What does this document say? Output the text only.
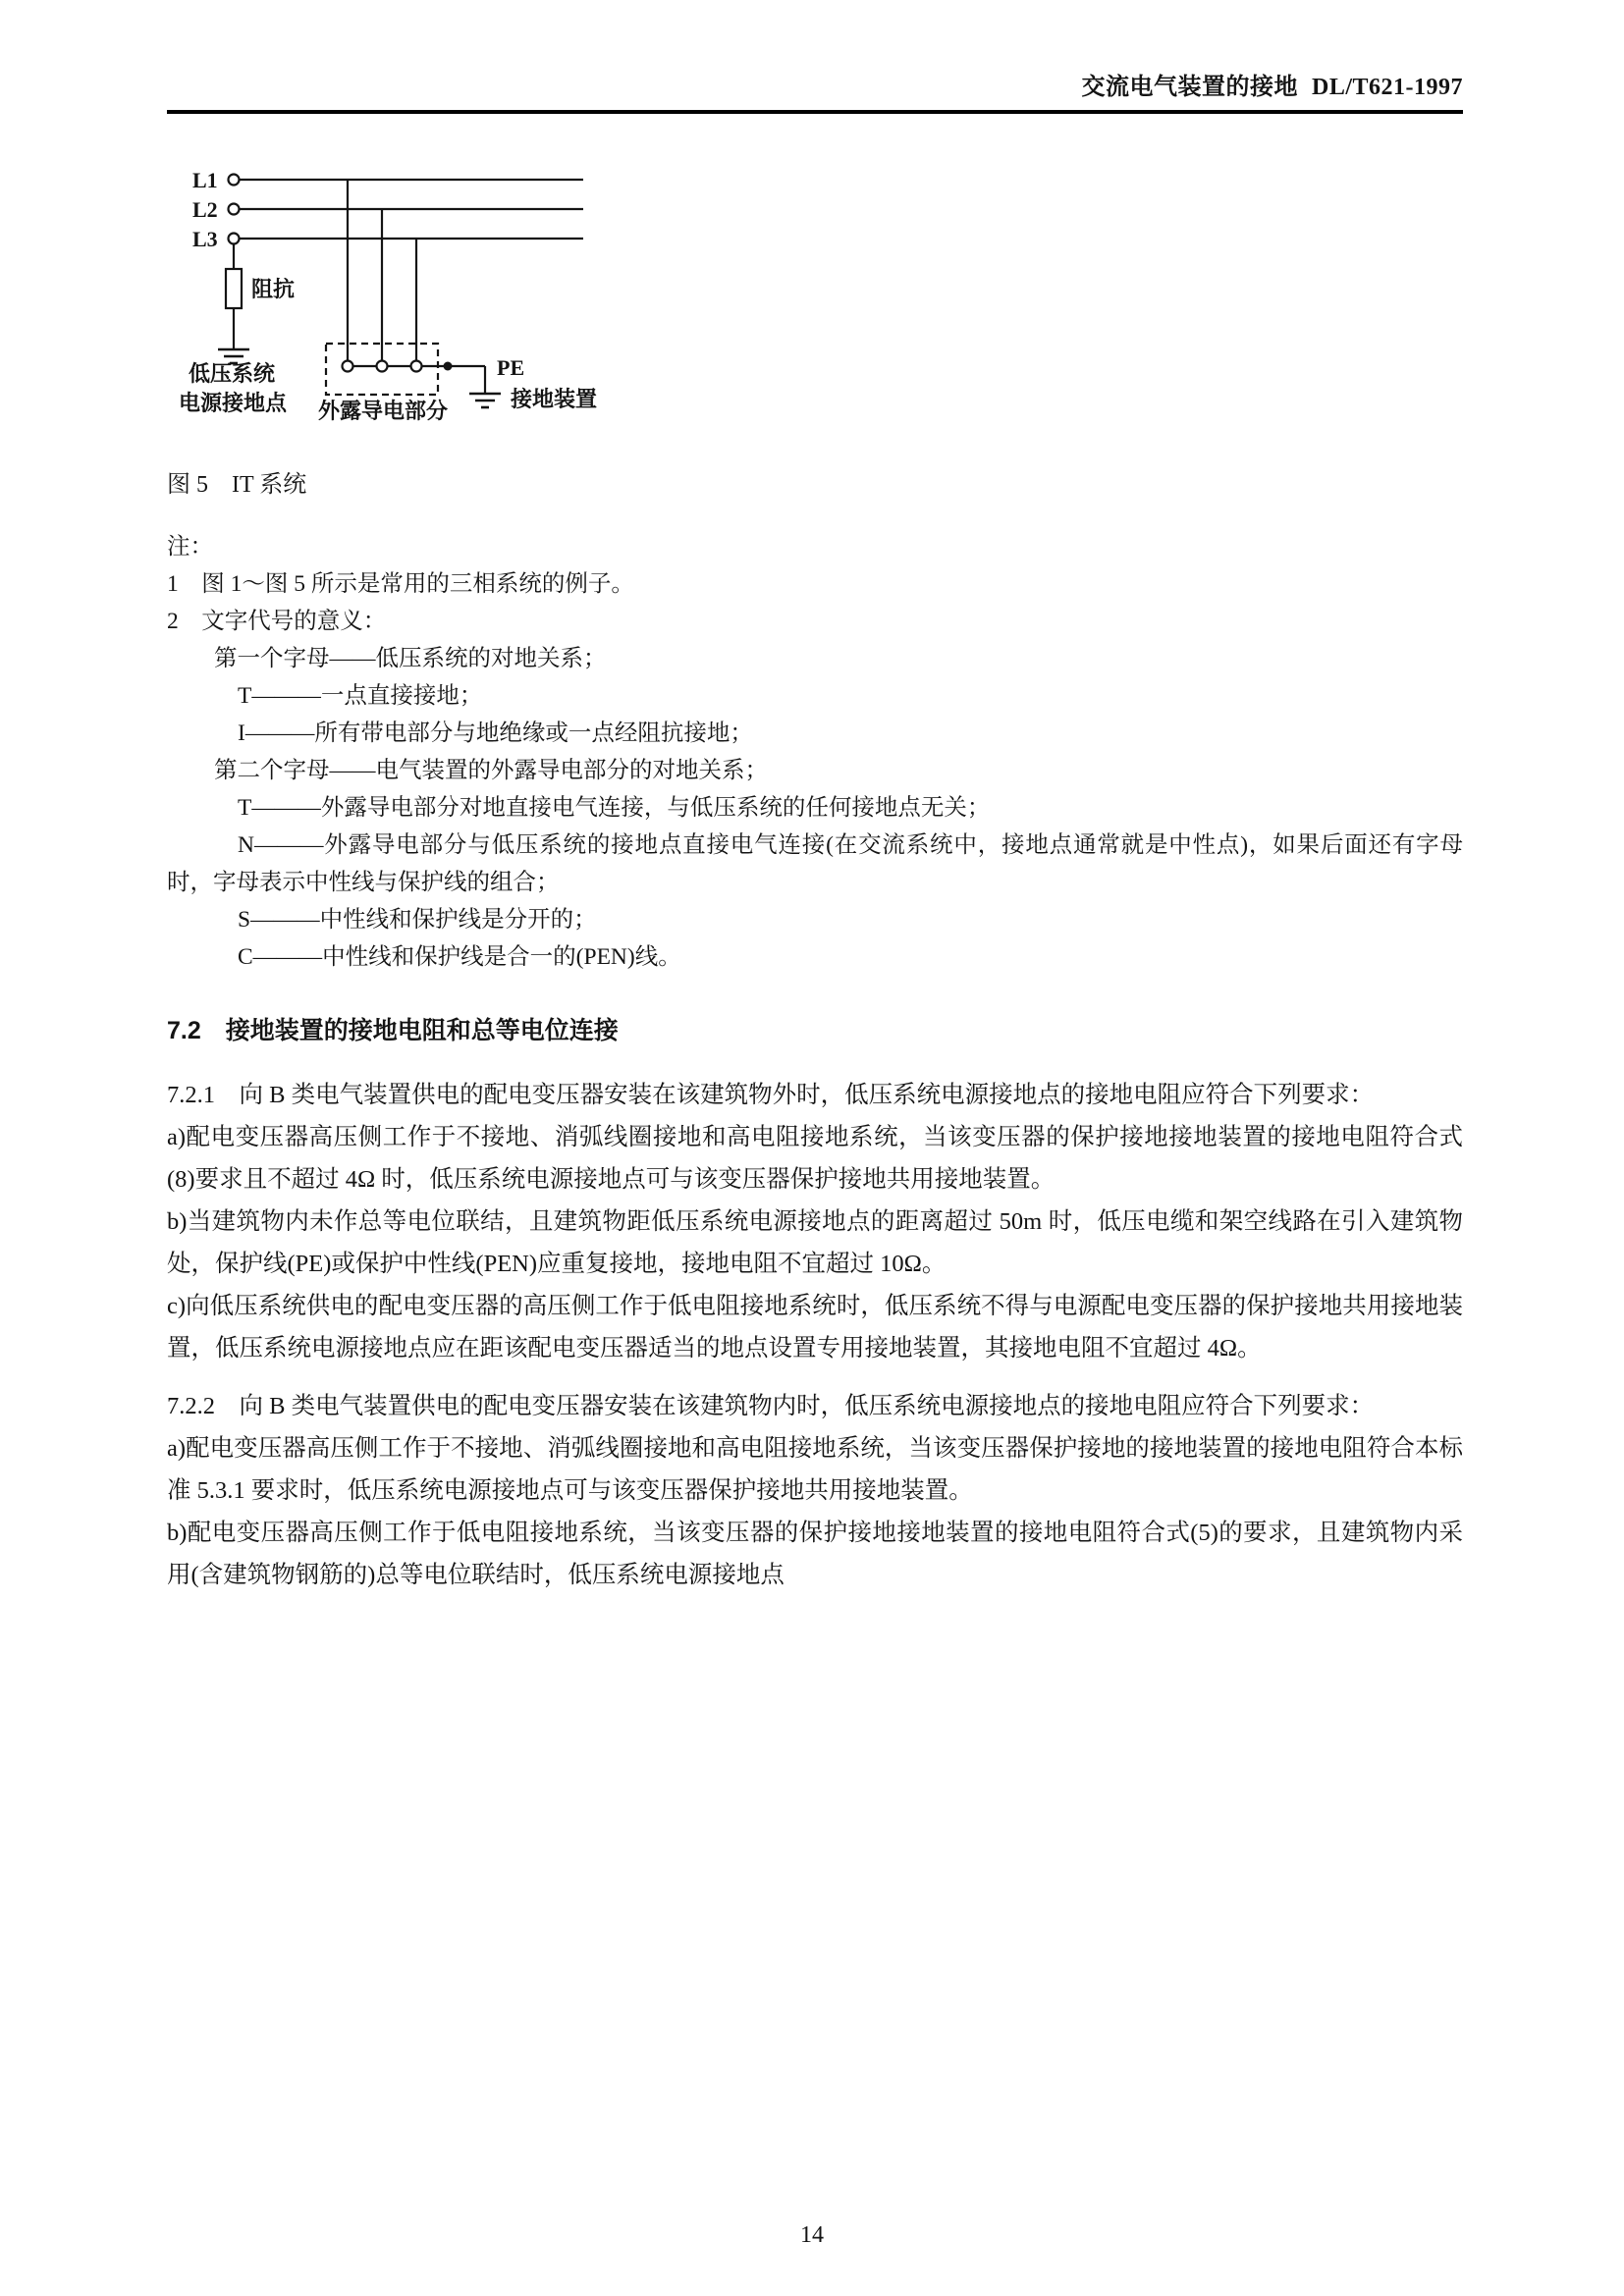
交流电气装置的接地 DL/T621-1997
L1
L2
L3
阻抗
低压系统
电源接地点 外露导电部分
PE
接地装置
图 5　IT 系统
注：
1　图 1～图 5 所示是常用的三相系统的例子。
2　文字代号的意义：
第一个字母——低压系统的对地关系；
T———一点直接接地；
I———所有带电部分与地绝缘或一点经阻抗接地；
第二个字母——电气装置的外露导电部分的对地关系；
T———外露导电部分对地直接电气连接，与低压系统的任何接地点无关；
N———外露导电部分与低压系统的接地点直接电气连接(在交流系统中，接地点通常就是中性点)，如果后面还有字母时，字母表示中性线与保护线的组合；
S———中性线和保护线是分开的；
C———中性线和保护线是合一的(PEN)线。
7.2　接地装置的接地电阻和总等电位连接

7.2.1　向 B 类电气装置供电的配电变压器安装在该建筑物外时，低压系统电源接地点的接地电阻应符合下列要求：

a)配电变压器高压侧工作于不接地、消弧线圈接地和高电阻接地系统，当该变压器的保护接地接地装置的接地电阻符合式(8)要求且不超过 4Ω 时，低压系统电源接地点可与该变压器保护接地共用接地装置。

b)当建筑物内未作总等电位联结，且建筑物距低压系统电源接地点的距离超过 50m 时，低压电缆和架空线路在引入建筑物处，保护线(PE)或保护中性线(PEN)应重复接地，接地电阻不宜超过 10Ω。

c)向低压系统供电的配电变压器的高压侧工作于低电阻接地系统时，低压系统不得与电源配电变压器的保护接地共用接地装置，低压系统电源接地点应在距该配电变压器适当的地点设置专用接地装置，其接地电阻不宜超过 4Ω。

7.2.2　向 B 类电气装置供电的配电变压器安装在该建筑物内时，低压系统电源接地点的接地电阻应符合下列要求：

a)配电变压器高压侧工作于不接地、消弧线圈接地和高电阻接地系统，当该变压器保护接地的接地装置的接地电阻符合本标准 5.3.1 要求时，低压系统电源接地点可与该变压器保护接地共用接地装置。

b)配电变压器高压侧工作于低电阻接地系统，当该变压器的保护接地接地装置的接地电阻符合式(5)的要求，且建筑物内采用(含建筑物钢筋的)总等电位联结时，低压系统电源接地点

14
